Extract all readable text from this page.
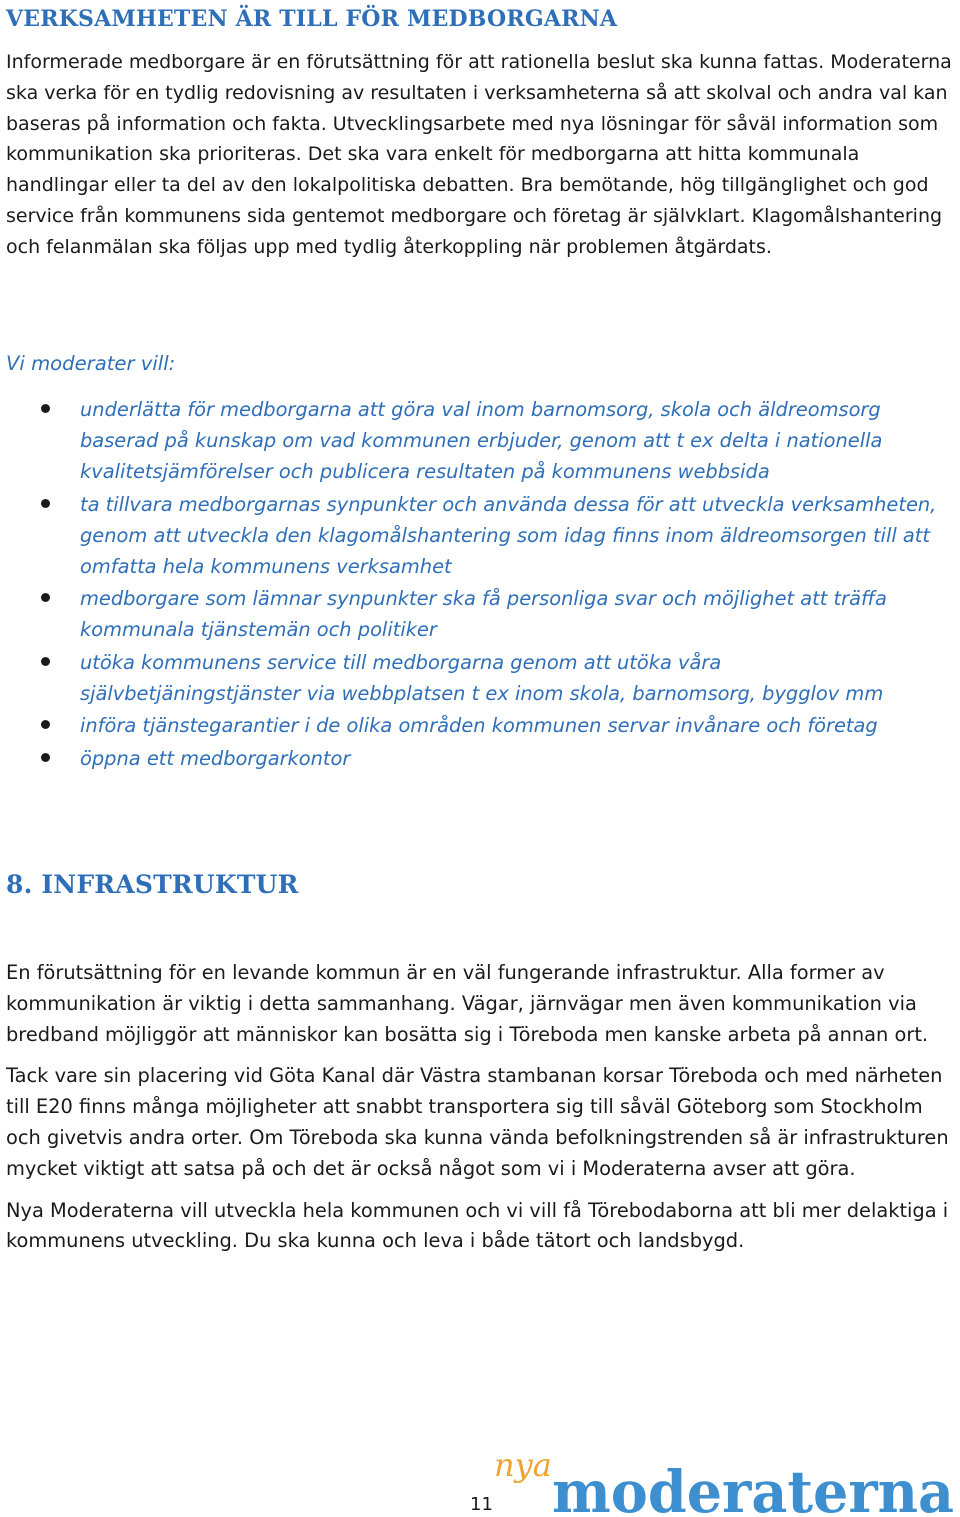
VERKSAMHETEN ÄR TILL FÖR MEDBORGARNA

Informerade medborgare är en förutsättning för att rationella beslut ska kunna fattas. Moderaterna ska verka för en tydlig redovisning av resultaten i verksamheterna så att skolval och andra val kan baseras på information och fakta. Utvecklingsarbete med nya lösningar för såväl information som kommunikation ska prioriteras. Det ska vara enkelt för medborgarna att hitta kommunala handlingar eller ta del av den lokalpolitiska debatten. Bra bemötande, hög tillgänglighet och god service från kommunens sida gentemot medborgare och företag är självklart. Klagomålshantering och felanmälan ska följas upp med tydlig återkoppling när problemen åtgärdats.

Vi moderater vill:

underlätta för medborgarna att göra val inom barnomsorg, skola och äldreomsorg baserad på kunskap om vad kommunen erbjuder, genom att t ex delta i nationella kvalitetsjämförelser och publicera resultaten på kommunens webbsida
ta tillvara medborgarnas synpunkter och använda dessa för att utveckla verksamheten, genom att utveckla den klagomålshantering som idag finns inom äldreomsorgen till att omfatta hela kommunens verksamhet
medborgare som lämnar synpunkter ska få personliga svar och möjlighet att träffa kommunala tjänstemän och politiker
utöka kommunens service till medborgarna genom att utöka våra självbetjäningstjänster via webbplatsen t ex inom skola, barnomsorg, bygglov mm
införa tjänstegarantier i de olika områden kommunen servar invånare och företag
öppna ett medborgarkontor
8. INFRASTRUKTUR

En förutsättning för en levande kommun är en väl fungerande infrastruktur. Alla former av kommunikation är viktig i detta sammanhang. Vägar, järnvägar men även kommunikation via bredband möjliggör att människor kan bosätta sig i Töreboda men kanske arbeta på annan ort.

Tack vare sin placering vid Göta Kanal där Västra stambanan korsar Töreboda och med närheten till E20 finns många möjligheter att snabbt transportera sig till såväl Göteborg som Stockholm och givetvis andra orter. Om Töreboda ska kunna vända befolkningstrenden så är infrastrukturen mycket viktigt att satsa på och det är också något som vi i Moderaterna avser att göra.

Nya Moderaterna vill utveckla hela kommunen och vi vill få Törebodaborna att bli mer delaktiga i kommunens utveckling. Du ska kunna och leva i både tätort och landsbygd.

11
nya moderaterna
